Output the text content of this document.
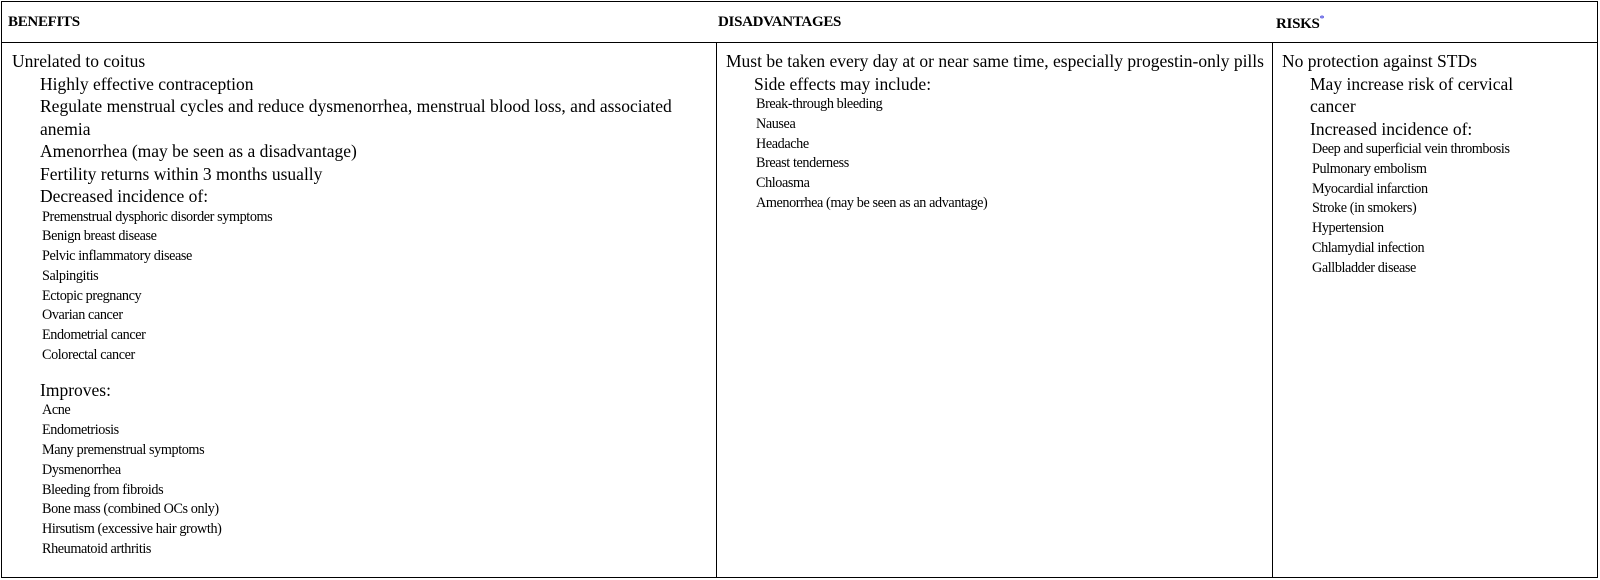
BENEFITS	DISADVANTAGES	RISKS*
Unrelated to coitus
Highly effective contraception
Regulate menstrual cycles and reduce dysmenorrhea, menstrual blood loss, and associated anemia
Amenorrhea (may be seen as a disadvantage)
Fertility returns within 3 months usually
Decreased incidence of:
Premenstrual dysphoric disorder symptoms
Benign breast disease
Pelvic inflammatory disease
Salpingitis
Ectopic pregnancy
Ovarian cancer
Endometrial cancer
Colorectal cancer
Improves:
Acne
Endometriosis
Many premenstrual symptoms
Dysmenorrhea
Bleeding from fibroids
Bone mass (combined OCs only)
Hirsutism (excessive hair growth)
Rheumatoid arthritis
Must be taken every day at or near same time, especially progestin-only pills
Side effects may include:
Break-through bleeding
Nausea
Headache
Breast tenderness
Chloasma
Amenorrhea (may be seen as an advantage)
No protection against STDs
May increase risk of cervical cancer
Increased incidence of:
Deep and superficial vein thrombosis
Pulmonary embolism
Myocardial infarction
Stroke (in smokers)
Hypertension
Chlamydial infection
Gallbladder disease
